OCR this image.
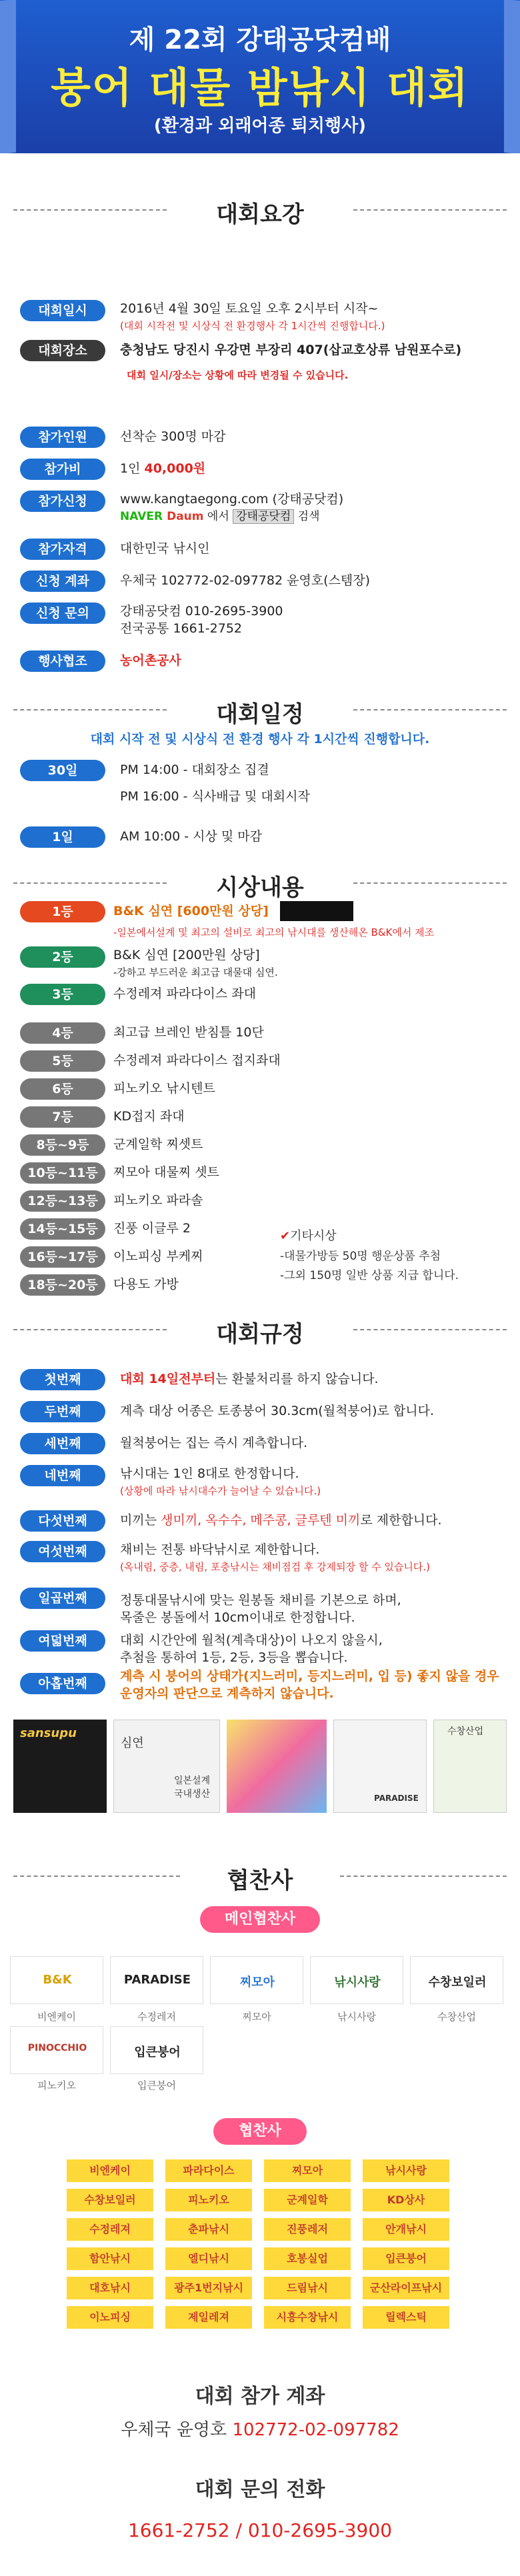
제 22회 강태공닷컴배
붕어 대물 밤낚시 대회
(환경과 외래어종 퇴치행사)
대회요강
대회일시	2016년 4월 30일 토요일 오후 2시부터 시작~
(대회 시작전 및 시상식 전 환경행사 각 1시간씩 진행합니다.)
대회장소	충청남도 당진시 우강면 부장리 407(삽교호상류 남원포수로)
대회 일시/장소는 상황에 따라 변경될 수 있습니다.
참가인원	선착순 300명 마감
참가비	1인 40,000원
참가신청	www.kangtaegong.com (강태공닷컴)
NAVER Daum 에서 강태공닷컴 검색
참가자격	대한민국 낚시인
신청 계좌	우체국 102772-02-097782 윤영호(스템장)
신청 문의	강태공닷컴 010-2695-3900
전국공통 1661-2752
행사협조	농어촌공사
대회일정
대회 시작 전 및 시상식 전 환경 행사 각 1시간씩 진행합니다.
30일	PM 14:00 - 대회장소 집결
PM 16:00 - 식사배급 및 대회시작
1일	AM 10:00 - 시상 및 마감
시상내용
1등	B&K 심연 [600만원 상당]
-일본에서설계 및 최고의 설비로 최고의 낚시대를 생산해온 B&K에서 제조
2등	B&K 심연 [200만원 상당]
-강하고 부드러운 최고급 대물대 심연.
3등	수정레져 파라다이스 좌대
4등	최고급 브레인 받침틀 10단
5등	수정레져 파라다이스 접지좌대
6등	피노키오 낚시텐트
7등	KD접지 좌대
8등~9등	군계일학 찌셋트
10등~11등	찌모아 대물찌 셋트
12등~13등	피노키오 파라솔
14등~15등	진풍 이글루 2
16등~17등	이노피싱 부케찌
18등~20등	다용도 가방
✔기타시상
-대물가방등 50명 행운상품 추첨
-그외 150명 일반 상품 지급 합니다.
대회규정
첫번째	대회 14일전부터는 환불처리를 하지 않습니다.
두번째	계측 대상 어종은 토종붕어 30.3cm(월척붕어)로 합니다.
세번째	월척붕어는 집는 즉시 계측합니다.
네번째	낚시대는 1인 8대로 한정합니다.
(상황에 따라 낚시대수가 늘어날 수 있습니다.)
다섯번째	미끼는 생미끼, 옥수수, 메주콩, 글루텐 미끼로 제한합니다.
여섯번째	채비는 전통 바닥낚시로 제한합니다.
(옥내림, 중층, 내림, 포충낚시는 채비점검 후 강제퇴장 할 수 있습니다.)
일곱번째	정통대물낚시에 맞는 원봉돌 채비를 기본으로 하며,
목줄은 봉돌에서 10cm이내로 한정합니다.
여덟번째	대회 시간안에 월척(계측대상)이 나오지 않을시,
추첨을 통하여 1등, 2등, 3등을 뽑습니다.
아홉번째	계측 시 붕어의 상태가(지느러미, 등지느러미, 입 등) 좋지 않을 경우
운영자의 판단으로 계측하지 않습니다.
sansupu
심연
일본설계
국내생산	PARADISE
수창산업
협찬사
메인협찬사
B&K
비엔케이
PARADISE
수정레저
찌모아
찌모아
낚시사랑
낚시사랑
수창보일러
수창산업
PINOCCHIO
피노키오
입큰붕어
입큰붕어
협찬사
비엔케이	파라다이스	찌모아	낚시사랑
수창보일러	피노키오	군계일학	KD상사
수정레져	춘파낚시	진풍레저	안개낚시
함안낚시	엘디낚시	호봉실업	입큰붕어
대호낚시	광주1번지낚시	드림낚시	군산라이프낚시
이노피싱	제일레져	시흥수창낚시	릴렉스틱
대회 참가 계좌
우체국 윤영호 102772-02-097782
대회 문의 전화
1661-2752 / 010-2695-3900
